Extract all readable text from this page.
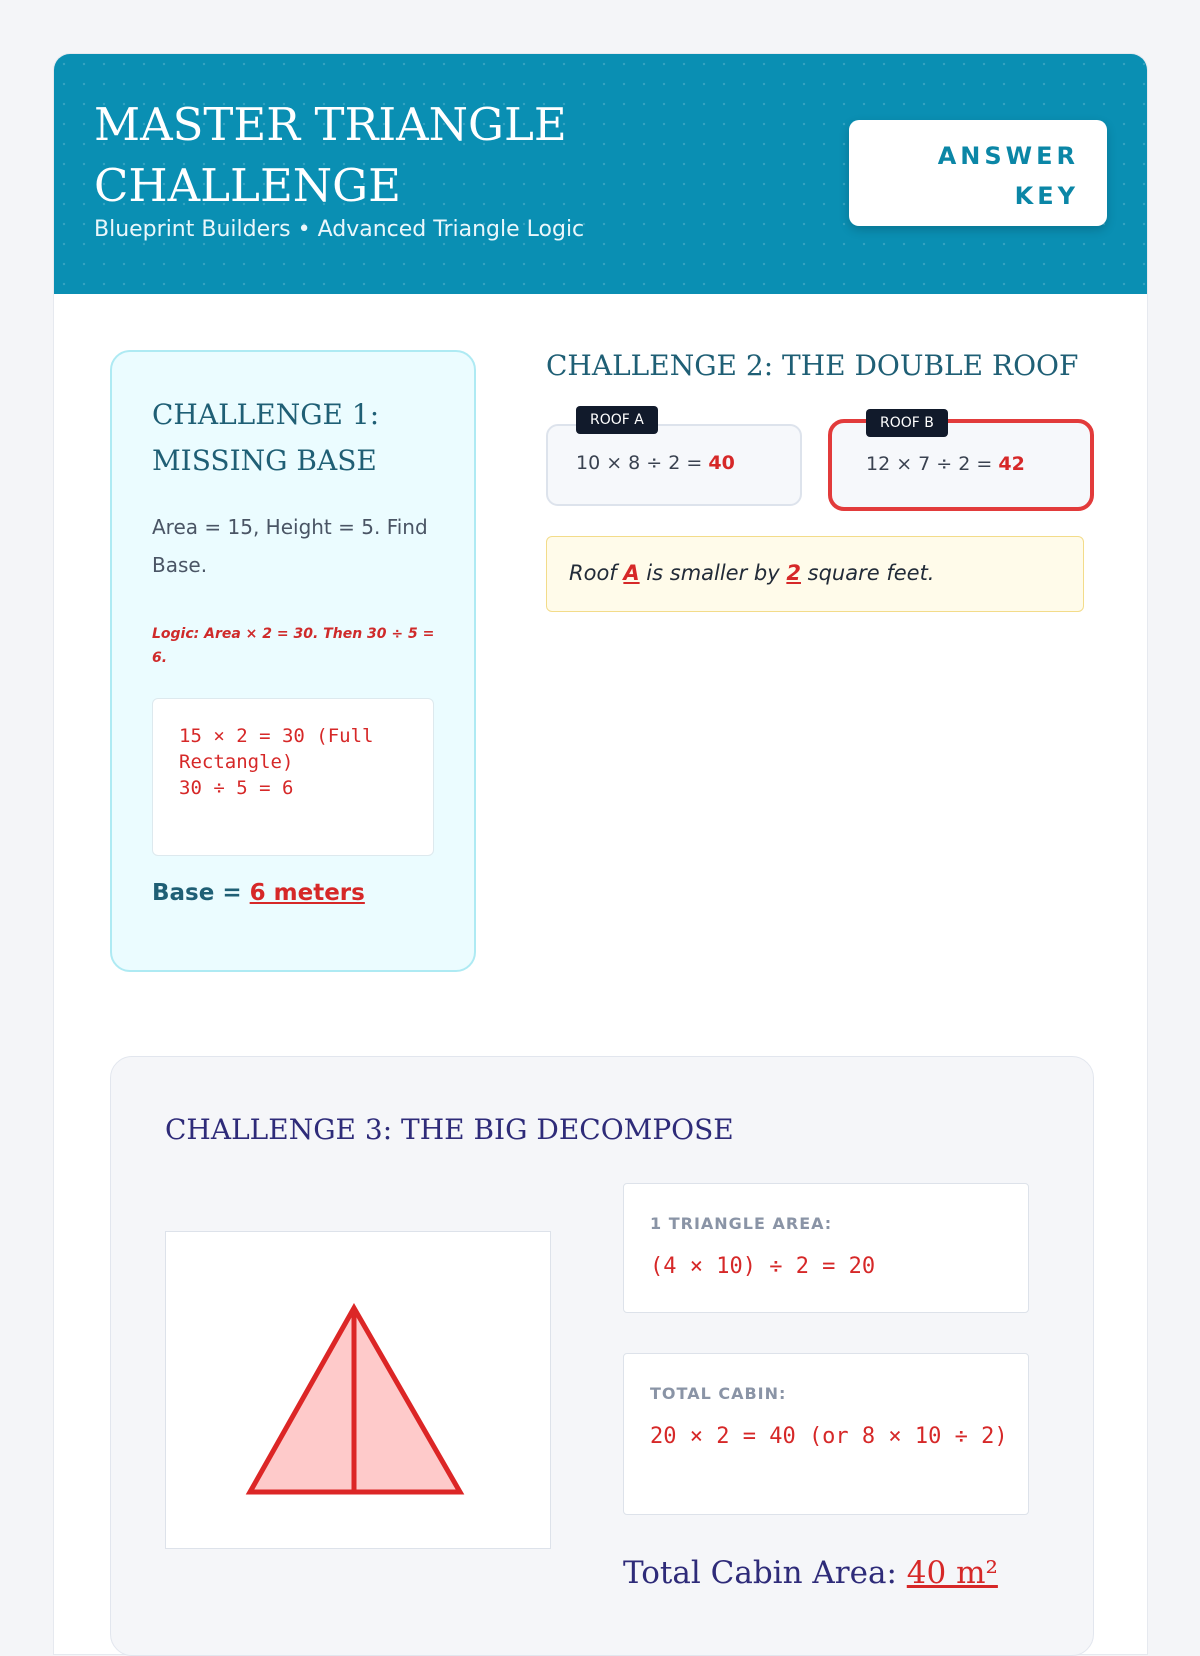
MASTER TRIANGLE CHALLENGE

Blueprint Builders • Advanced Triangle Logic

ANSWER KEY
CHALLENGE 1: MISSING BASE

Area = 15, Height = 5. Find Base.

Logic: Area × 2 = 30. Then 30 ÷ 5 = 6.

15 × 2 = 30 (Full Rectangle)
30 ÷ 5 = 6

Base = 6 meters

CHALLENGE 2: THE DOUBLE ROOF
ROOF A
10 × 8 ÷ 2 = 40
ROOF B
12 × 7 ÷ 2 = 42

Roof A is smaller by 2 square feet.

CHALLENGE 3: THE BIG DECOMPOSE

1 TRIANGLE AREA:

(4 × 10) ÷ 2 = 20

TOTAL CABIN:

20 × 2 = 40 (or 8 × 10 ÷ 2)

Total Cabin Area: 40 m²
